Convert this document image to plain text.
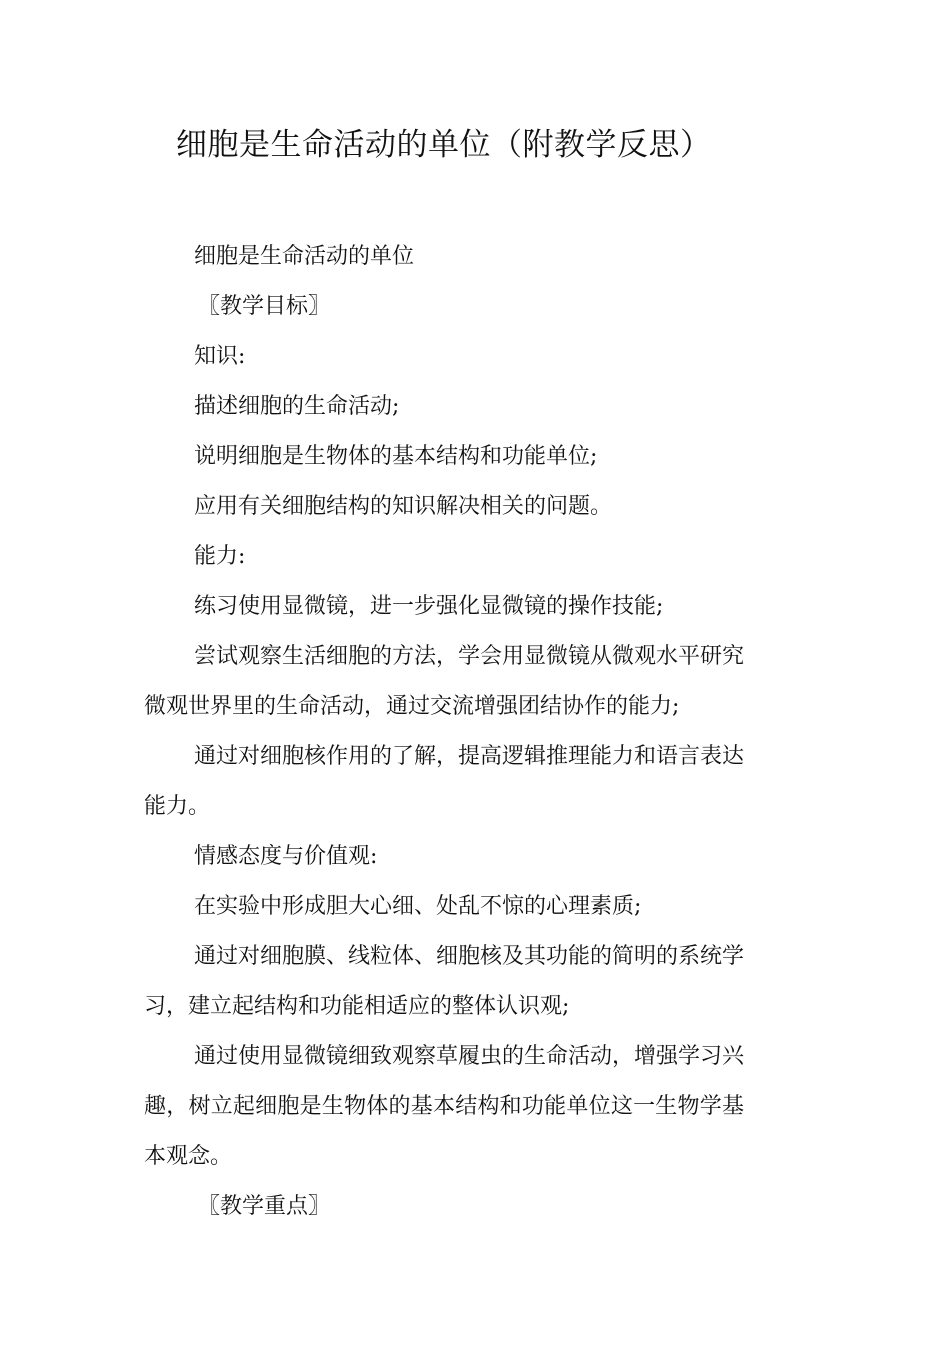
细胞是生命活动的单位（附教学反思）

细胞是生命活动的单位

〖教学目标〗

知识:

描述细胞的生命活动;

说明细胞是生物体的基本结构和功能单位;

应用有关细胞结构的知识解决相关的问题。

能力:

练习使用显微镜，进一步强化显微镜的操作技能;

尝试观察生活细胞的方法，学会用显微镜从微观水平研究微观世界里的生命活动，通过交流增强团结协作的能力;

通过对细胞核作用的了解，提高逻辑推理能力和语言表达能力。

情感态度与价值观:

在实验中形成胆大心细、处乱不惊的心理素质;

通过对细胞膜、线粒体、细胞核及其功能的简明的系统学习，建立起结构和功能相适应的整体认识观;

通过使用显微镜细致观察草履虫的生命活动，增强学习兴趣，树立起细胞是生物体的基本结构和功能单位这一生物学基本观念。

〖教学重点〗
